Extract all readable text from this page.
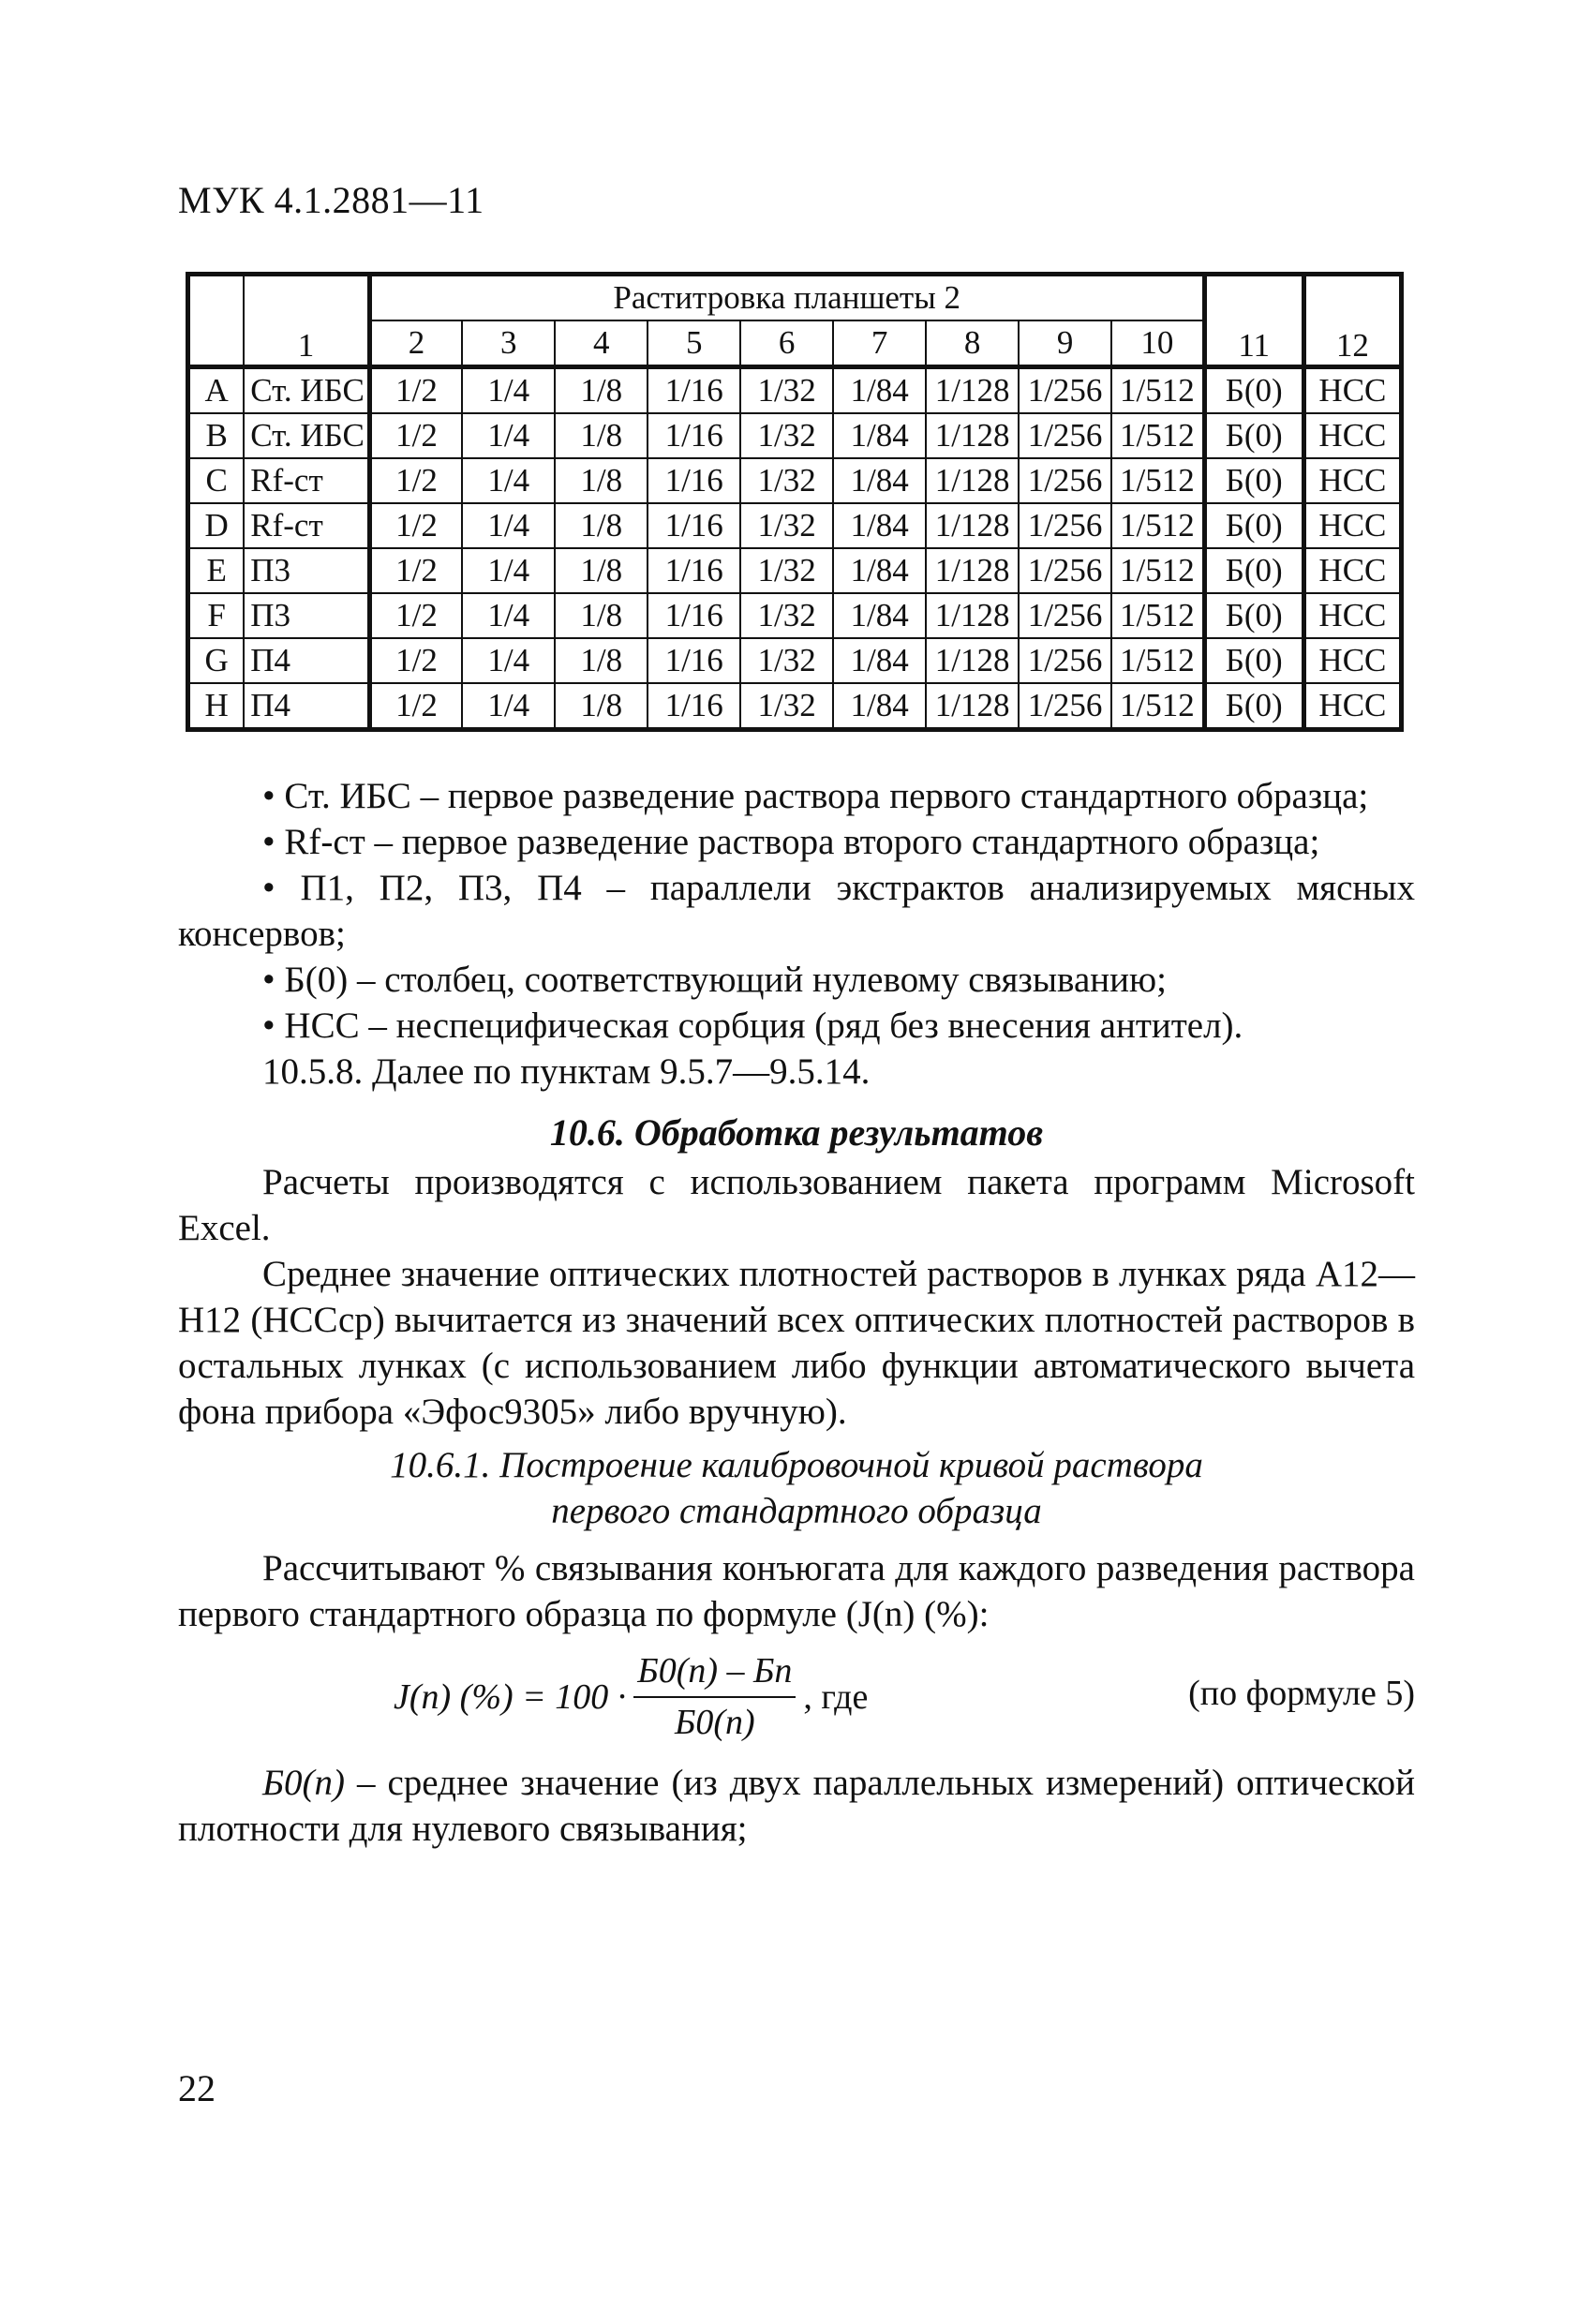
МУК 4.1.2881—11
	1	Раститровка планшеты 2									11	12
		2	3	4	5	6	7	8	9	10		
A	Ст. ИБС	1/2	1/4	1/8	1/16	1/32	1/84	1/128	1/256	1/512	Б(0)	НСС
B	Ст. ИБС	1/2	1/4	1/8	1/16	1/32	1/84	1/128	1/256	1/512	Б(0)	НСС
C	Rf-ст	1/2	1/4	1/8	1/16	1/32	1/84	1/128	1/256	1/512	Б(0)	НСС
D	Rf-ст	1/2	1/4	1/8	1/16	1/32	1/84	1/128	1/256	1/512	Б(0)	НСС
E	П3	1/2	1/4	1/8	1/16	1/32	1/84	1/128	1/256	1/512	Б(0)	НСС
F	П3	1/2	1/4	1/8	1/16	1/32	1/84	1/128	1/256	1/512	Б(0)	НСС
G	П4	1/2	1/4	1/8	1/16	1/32	1/84	1/128	1/256	1/512	Б(0)	НСС
H	П4	1/2	1/4	1/8	1/16	1/32	1/84	1/128	1/256	1/512	Б(0)	НСС

• Ст. ИБС – первое разведение раствора первого стандартного образца;

• Rf-ст – первое разведение раствора второго стандартного образца;

• П1, П2, П3, П4 – параллели экстрактов анализируемых мясных консервов;

• Б(0) – столбец, соответствующий нулевому связыванию;

• НСС – неспецифическая сорбция (ряд без внесения антител).

10.5.8. Далее по пунктам 9.5.7—9.5.14.

10.6. Обработка результатов

Расчеты производятся с использованием пакета программ Microsoft Excel.

Среднее значение оптических плотностей растворов в лунках ряда А12—Н12 (НССср) вычитается из значений всех оптических плотностей растворов в остальных лунках (с использованием либо функции автоматического вычета фона прибора «Эфос9305» либо вручную).

10.6.1. Построение калибровочной кривой раствора
первого стандартного образца

Рассчитывают % связывания конъюгата для каждого разведения раствора первого стандартного образца по формуле (J(n) (%):

J(n) (%) = $100 \cdot \frac{Б0(n) - Бn}{Б0(n)}$ , где	(по формуле 5)

Б0(n) – среднее значение (из двух параллельных измерений) оптической плотности для нулевого связывания;

22
